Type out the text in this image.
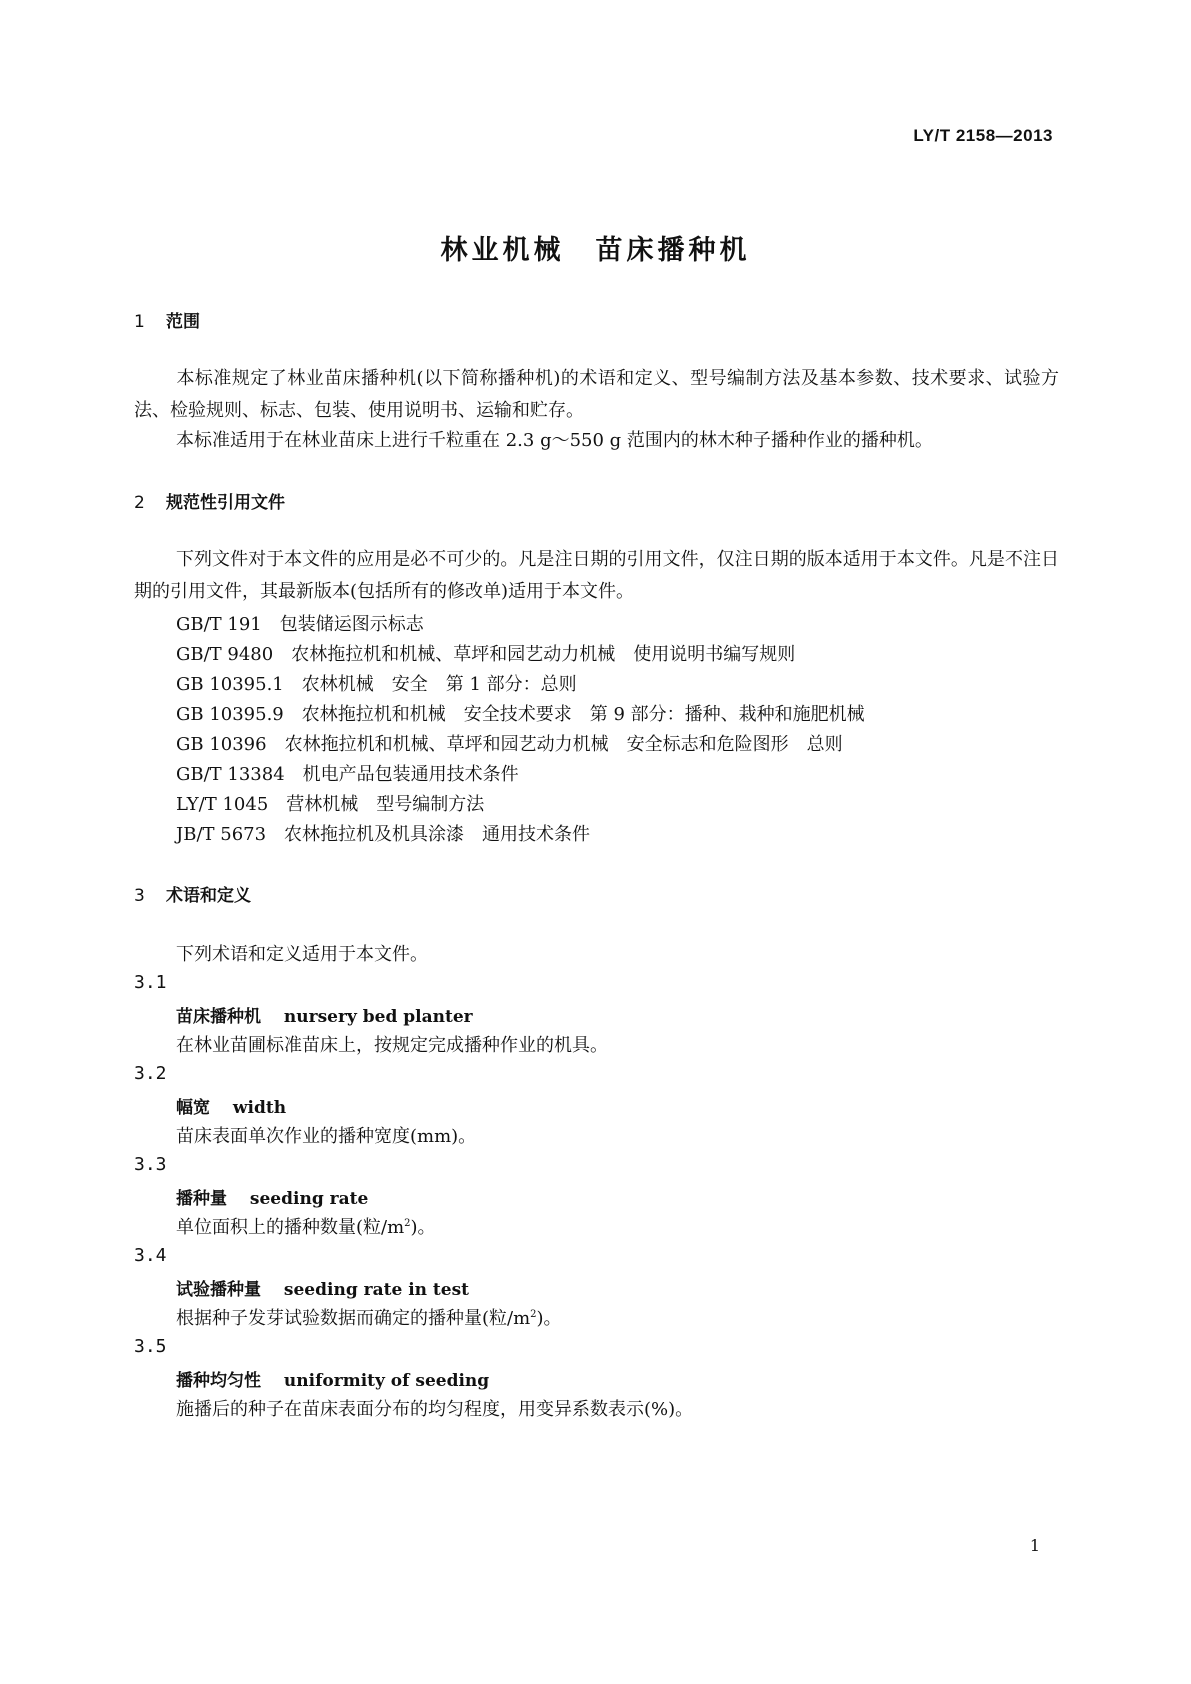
LY/T 2158—2013
林业机械　苗床播种机
1 范围
本标准规定了林业苗床播种机(以下简称播种机)的术语和定义、型号编制方法及基本参数、技术要求、试验方法、检验规则、标志、包装、使用说明书、运输和贮存。
本标准适用于在林业苗床上进行千粒重在 2.3 g～550 g 范围内的林木种子播种作业的播种机。
2 规范性引用文件
下列文件对于本文件的应用是必不可少的。凡是注日期的引用文件，仅注日期的版本适用于本文件。凡是不注日期的引用文件，其最新版本(包括所有的修改单)适用于本文件。
GB/T 191　包装储运图示标志
GB/T 9480　农林拖拉机和机械、草坪和园艺动力机械　使用说明书编写规则
GB 10395.1　农林机械　安全　第 1 部分：总则
GB 10395.9　农林拖拉机和机械　安全技术要求　第 9 部分：播种、栽种和施肥机械
GB 10396　农林拖拉机和机械、草坪和园艺动力机械　安全标志和危险图形　总则
GB/T 13384　机电产品包装通用技术条件
LY/T 1045　营林机械　型号编制方法
JB/T 5673　农林拖拉机及机具涂漆　通用技术条件
3 术语和定义
下列术语和定义适用于本文件。
3.1
苗床播种机　 nursery bed planter
在林业苗圃标准苗床上，按规定完成播种作业的机具。
3.2
幅宽　 width
苗床表面单次作业的播种宽度(mm)。
3.3
播种量　 seeding rate
单位面积上的播种数量(粒$/m^2$)。
3.4
试验播种量　 seeding rate in test
根据种子发芽试验数据而确定的播种量(粒$/m^2$)。
3.5
播种均匀性　 uniformity of seeding
施播后的种子在苗床表面分布的均匀程度，用变异系数表示(%)。
1
